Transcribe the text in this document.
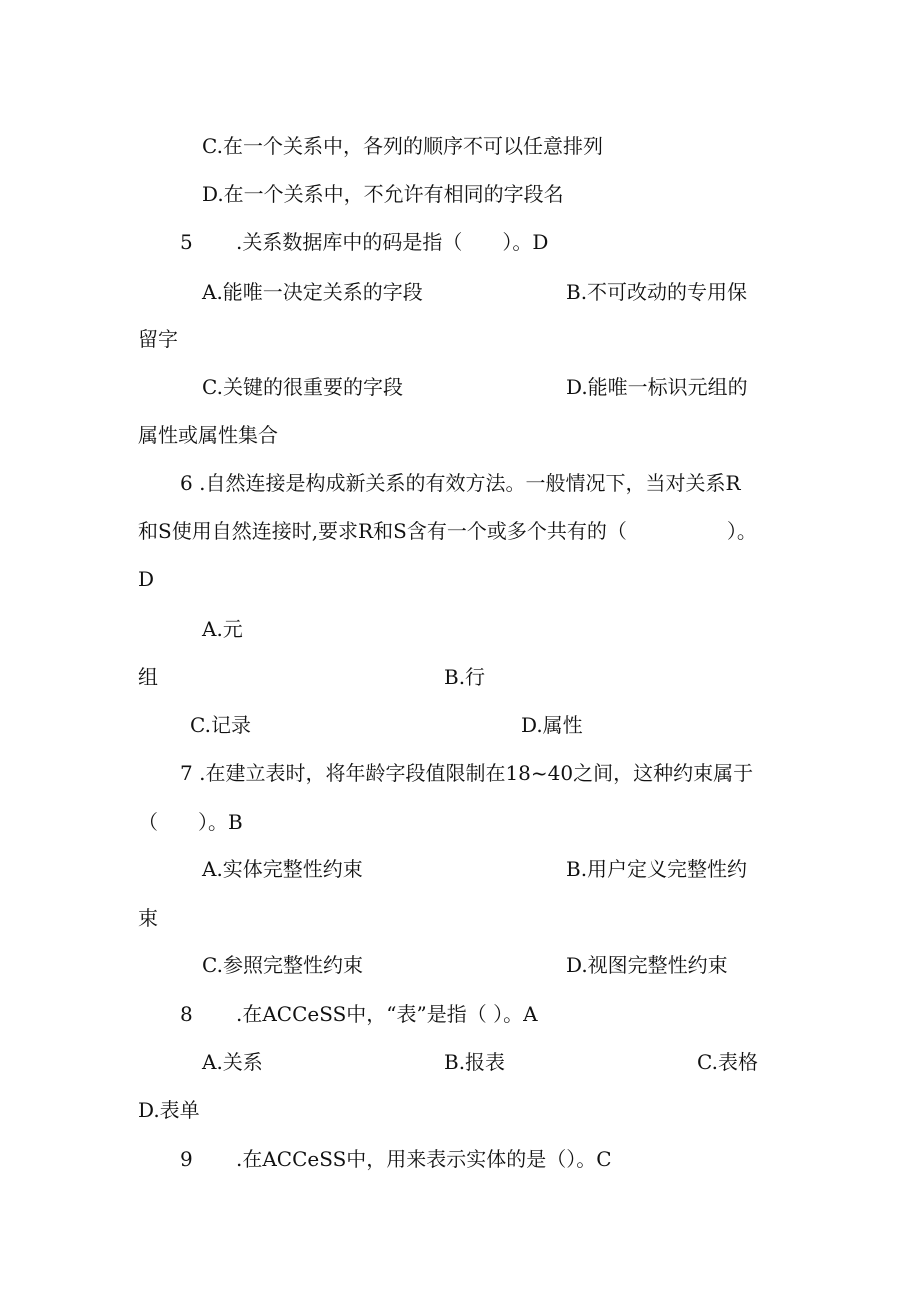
C.在一个关系中，各列的顺序不可以任意排列
D.在一个关系中，不允许有相同的字段名
5 .关系数据库中的码是指（　　）。D
A.能唯一决定关系的字段	B.不可改动的专用保
留字
C.关键的很重要的字段	D.能唯一标识元组的
属性或属性集合
6 .自然连接是构成新关系的有效方法。一般情况下，当对关系R
和S使用自然连接时,要求R和S含有一个或多个共有的（　　　　　）。
D
A.元
组	B.行
C.记录	D.属性
7 .在建立表时，将年龄字段值限制在18~40之间，这种约束属于
（　　）。B
A.实体完整性约束	B.用户定义完整性约
束
C.参照完整性约束	D.视图完整性约束
8 .在ACCeSS中，“表”是指（ ）。A
A.关系	B.报表	C.表格
D.表单
9 .在ACCeSS中，用来表示实体的是（）。C
